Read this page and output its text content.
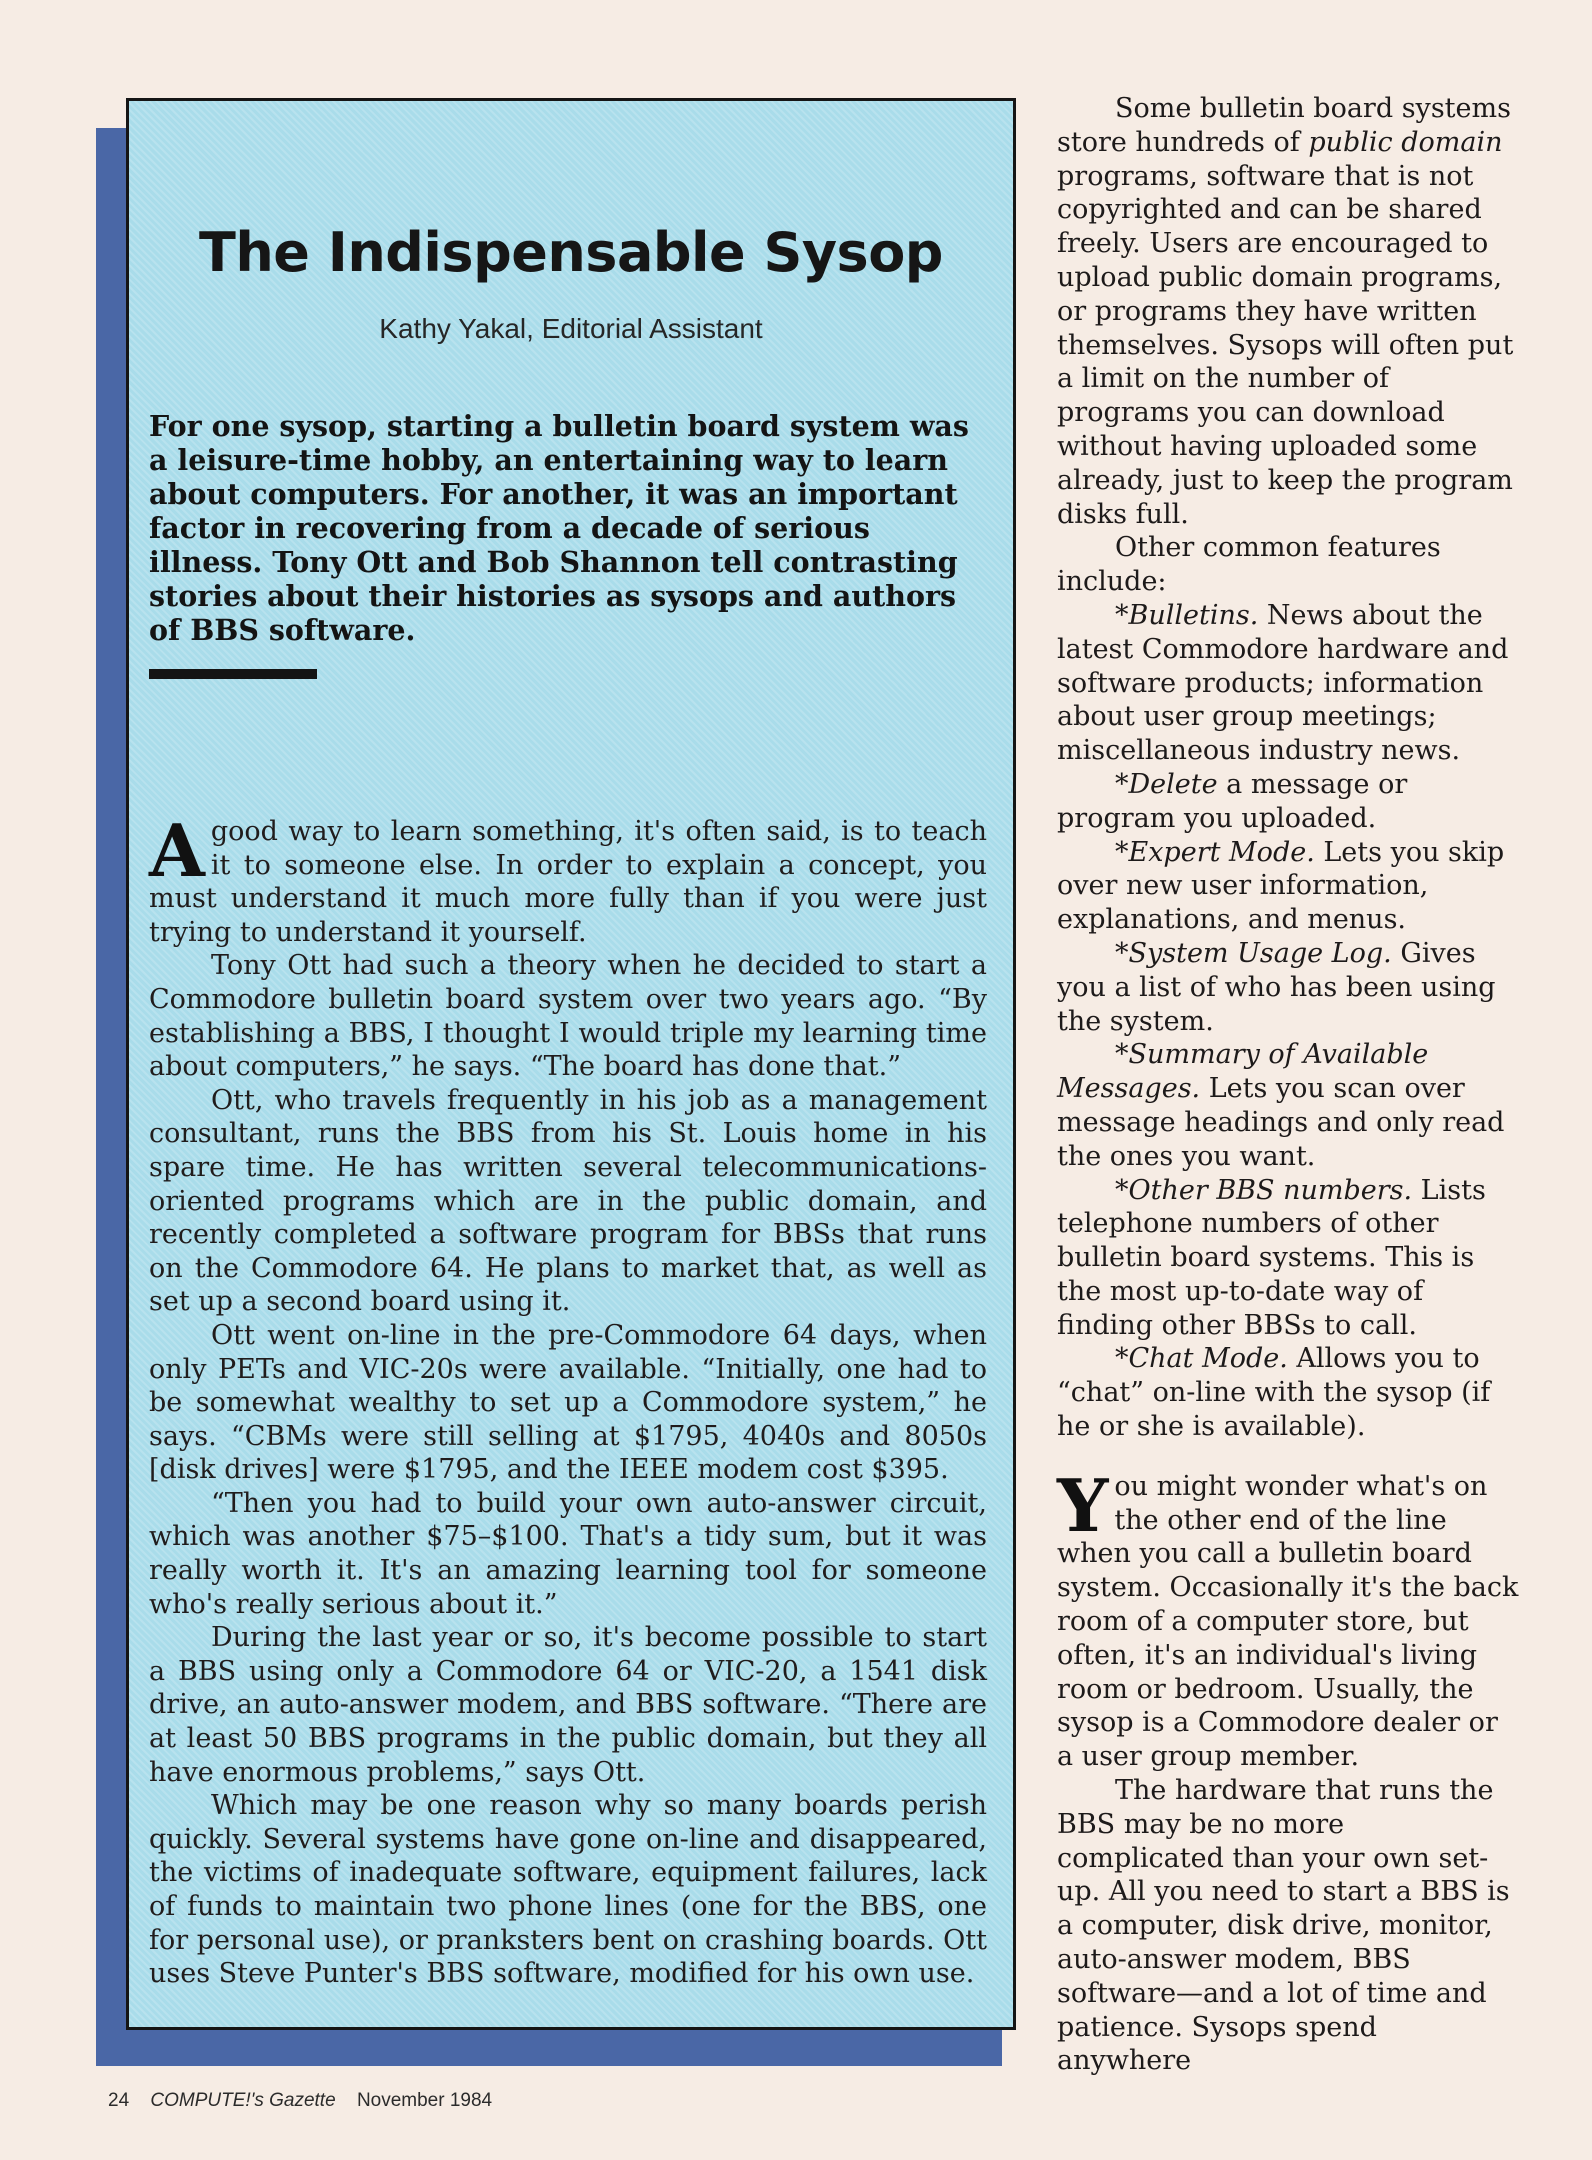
The Indispensable Sysop
Kathy Yakal, Editorial Assistant

For one sysop, starting a bulletin board system was a leisure-time hobby, an entertaining way to learn about computers. For another, it was an important factor in recovering from a decade of serious illness. Tony Ott and Bob Shannon tell contrasting stories about their histories as sysops and authors of BBS software.

Agood way to learn something, it's often said, is to teach it to someone else. In order to explain a concept, you must understand it much more fully than if you were just trying to understand it yourself.

Tony Ott had such a theory when he decided to start a Commodore bulletin board system over two years ago. “By establishing a BBS, I thought I would triple my learning time about computers,” he says. “The board has done that.”

Ott, who travels frequently in his job as a management consultant, runs the BBS from his St. Louis home in his spare time. He has written several telecommunications-oriented programs which are in the public domain, and recently completed a software program for BBSs that runs on the Commodore 64. He plans to market that, as well as set up a second board using it.

Ott went on-line in the pre-Commodore 64 days, when only PETs and VIC-20s were available. “Initially, one had to be somewhat wealthy to set up a Commodore system,” he says. “CBMs were still selling at $1795, 4040s and 8050s [disk drives] were $1795, and the IEEE modem cost $395.

“Then you had to build your own auto-answer circuit, which was another $75–$100. That's a tidy sum, but it was really worth it. It's an amazing learning tool for someone who's really serious about it.”

During the last year or so, it's become possible to start a BBS using only a Commodore 64 or VIC-20, a 1541 disk drive, an auto-answer modem, and BBS software. “There are at least 50 BBS programs in the public domain, but they all have enormous problems,” says Ott.

Which may be one reason why so many boards perish quickly. Several systems have gone on-line and disappeared, the victims of inadequate software, equipment failures, lack of funds to maintain two phone lines (one for the BBS, one for personal use), or pranksters bent on crashing boards. Ott uses Steve Punter's BBS software, modified for his own use.

Some bulletin board systems store hundreds of public domain programs, software that is not copyrighted and can be shared freely. Users are encouraged to upload public domain programs, or programs they have written themselves. Sysops will often put a limit on the number of programs you can download without having uploaded some already, just to keep the program disks full.

Other common features include:

*Bulletins. News about the latest Commodore hardware and software products; information about user group meetings; miscellaneous industry news.

*Delete a message or program you uploaded.

*Expert Mode. Lets you skip over new user information, explanations, and menus.

*System Usage Log. Gives you a list of who has been using the system.

*Summary of Available Messages. Lets you scan over message headings and only read the ones you want.

*Other BBS numbers. Lists telephone numbers of other bulletin board systems. This is the most up-to-date way of finding other BBSs to call.

*Chat Mode. Allows you to “chat” on-line with the sysop (if he or she is available).

You might wonder what's on the other end of the line when you call a bulletin board system. Occasionally it's the back room of a computer store, but often, it's an individual's living room or bedroom. Usually, the sysop is a Commodore dealer or a user group member.

The hardware that runs the BBS may be no more complicated than your own set-up. All you need to start a BBS is a computer, disk drive, monitor, auto-answer modem, BBS software—and a lot of time and patience. Sysops spend anywhere

24 COMPUTE!'s Gazette November 1984
